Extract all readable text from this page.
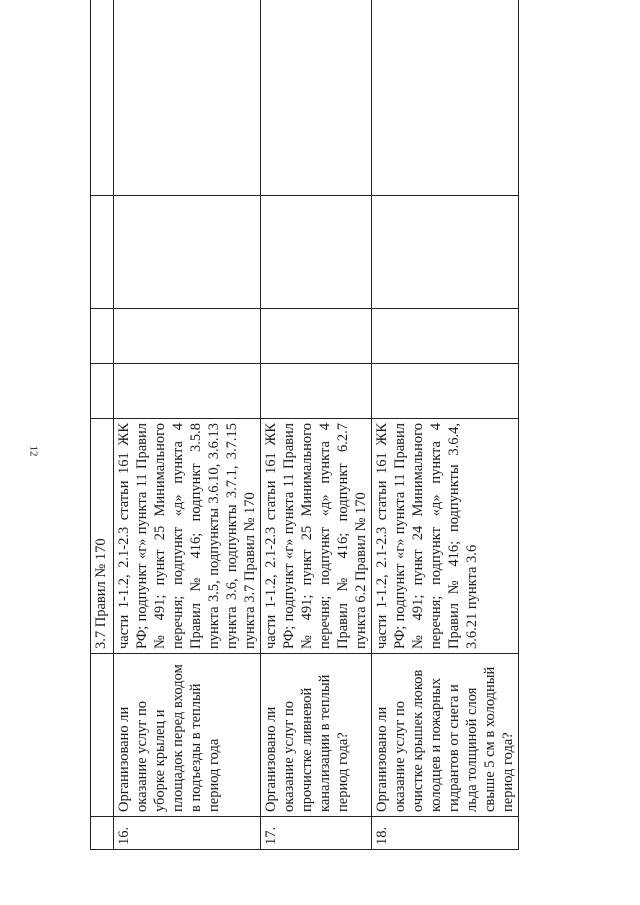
12
		3.7 Правил № 170				
16.	Организовано ли оказание услуг по уборке крылец и площадок перед входом в подъезды в теплый период года	части 1-1.2, 2.1-2.3 статьи 161 ЖК РФ; подпункт «г» пункта 11 Правил № 491; пункт 25 Минимального перечня; подпункт «д» пункта 4 Правил № 416; подпункт 3.5.8 пункта 3.5, подпункты 3.6.10, 3.6.13 пункта 3.6, подпункты 3.7.1, 3.7.15 пункта 3.7 Правил № 170				
17.	Организовано ли оказание услуг по прочистке ливневой канализации в теплый период года?	части 1-1.2, 2.1-2.3 статьи 161 ЖК РФ; подпункт «г» пункта 11 Правил № 491; пункт 25 Минимального перечня; подпункт «д» пункта 4 Правил № 416; подпункт 6.2.7 пункта 6.2 Правил № 170				
18.	Организовано ли оказание услуг по очистке крышек люков колодцев и пожарных гидрантов от снега и льда толщиной слоя свыше 5 см в холодный период года?	части 1-1.2, 2.1-2.3 статьи 161 ЖК РФ; подпункт «г» пункта 11 Правил № 491; пункт 24 Минимального перечня; подпункт «д» пункта 4 Правил № 416; подпункты 3.6.4, 3.6.21 пункта 3.6				
